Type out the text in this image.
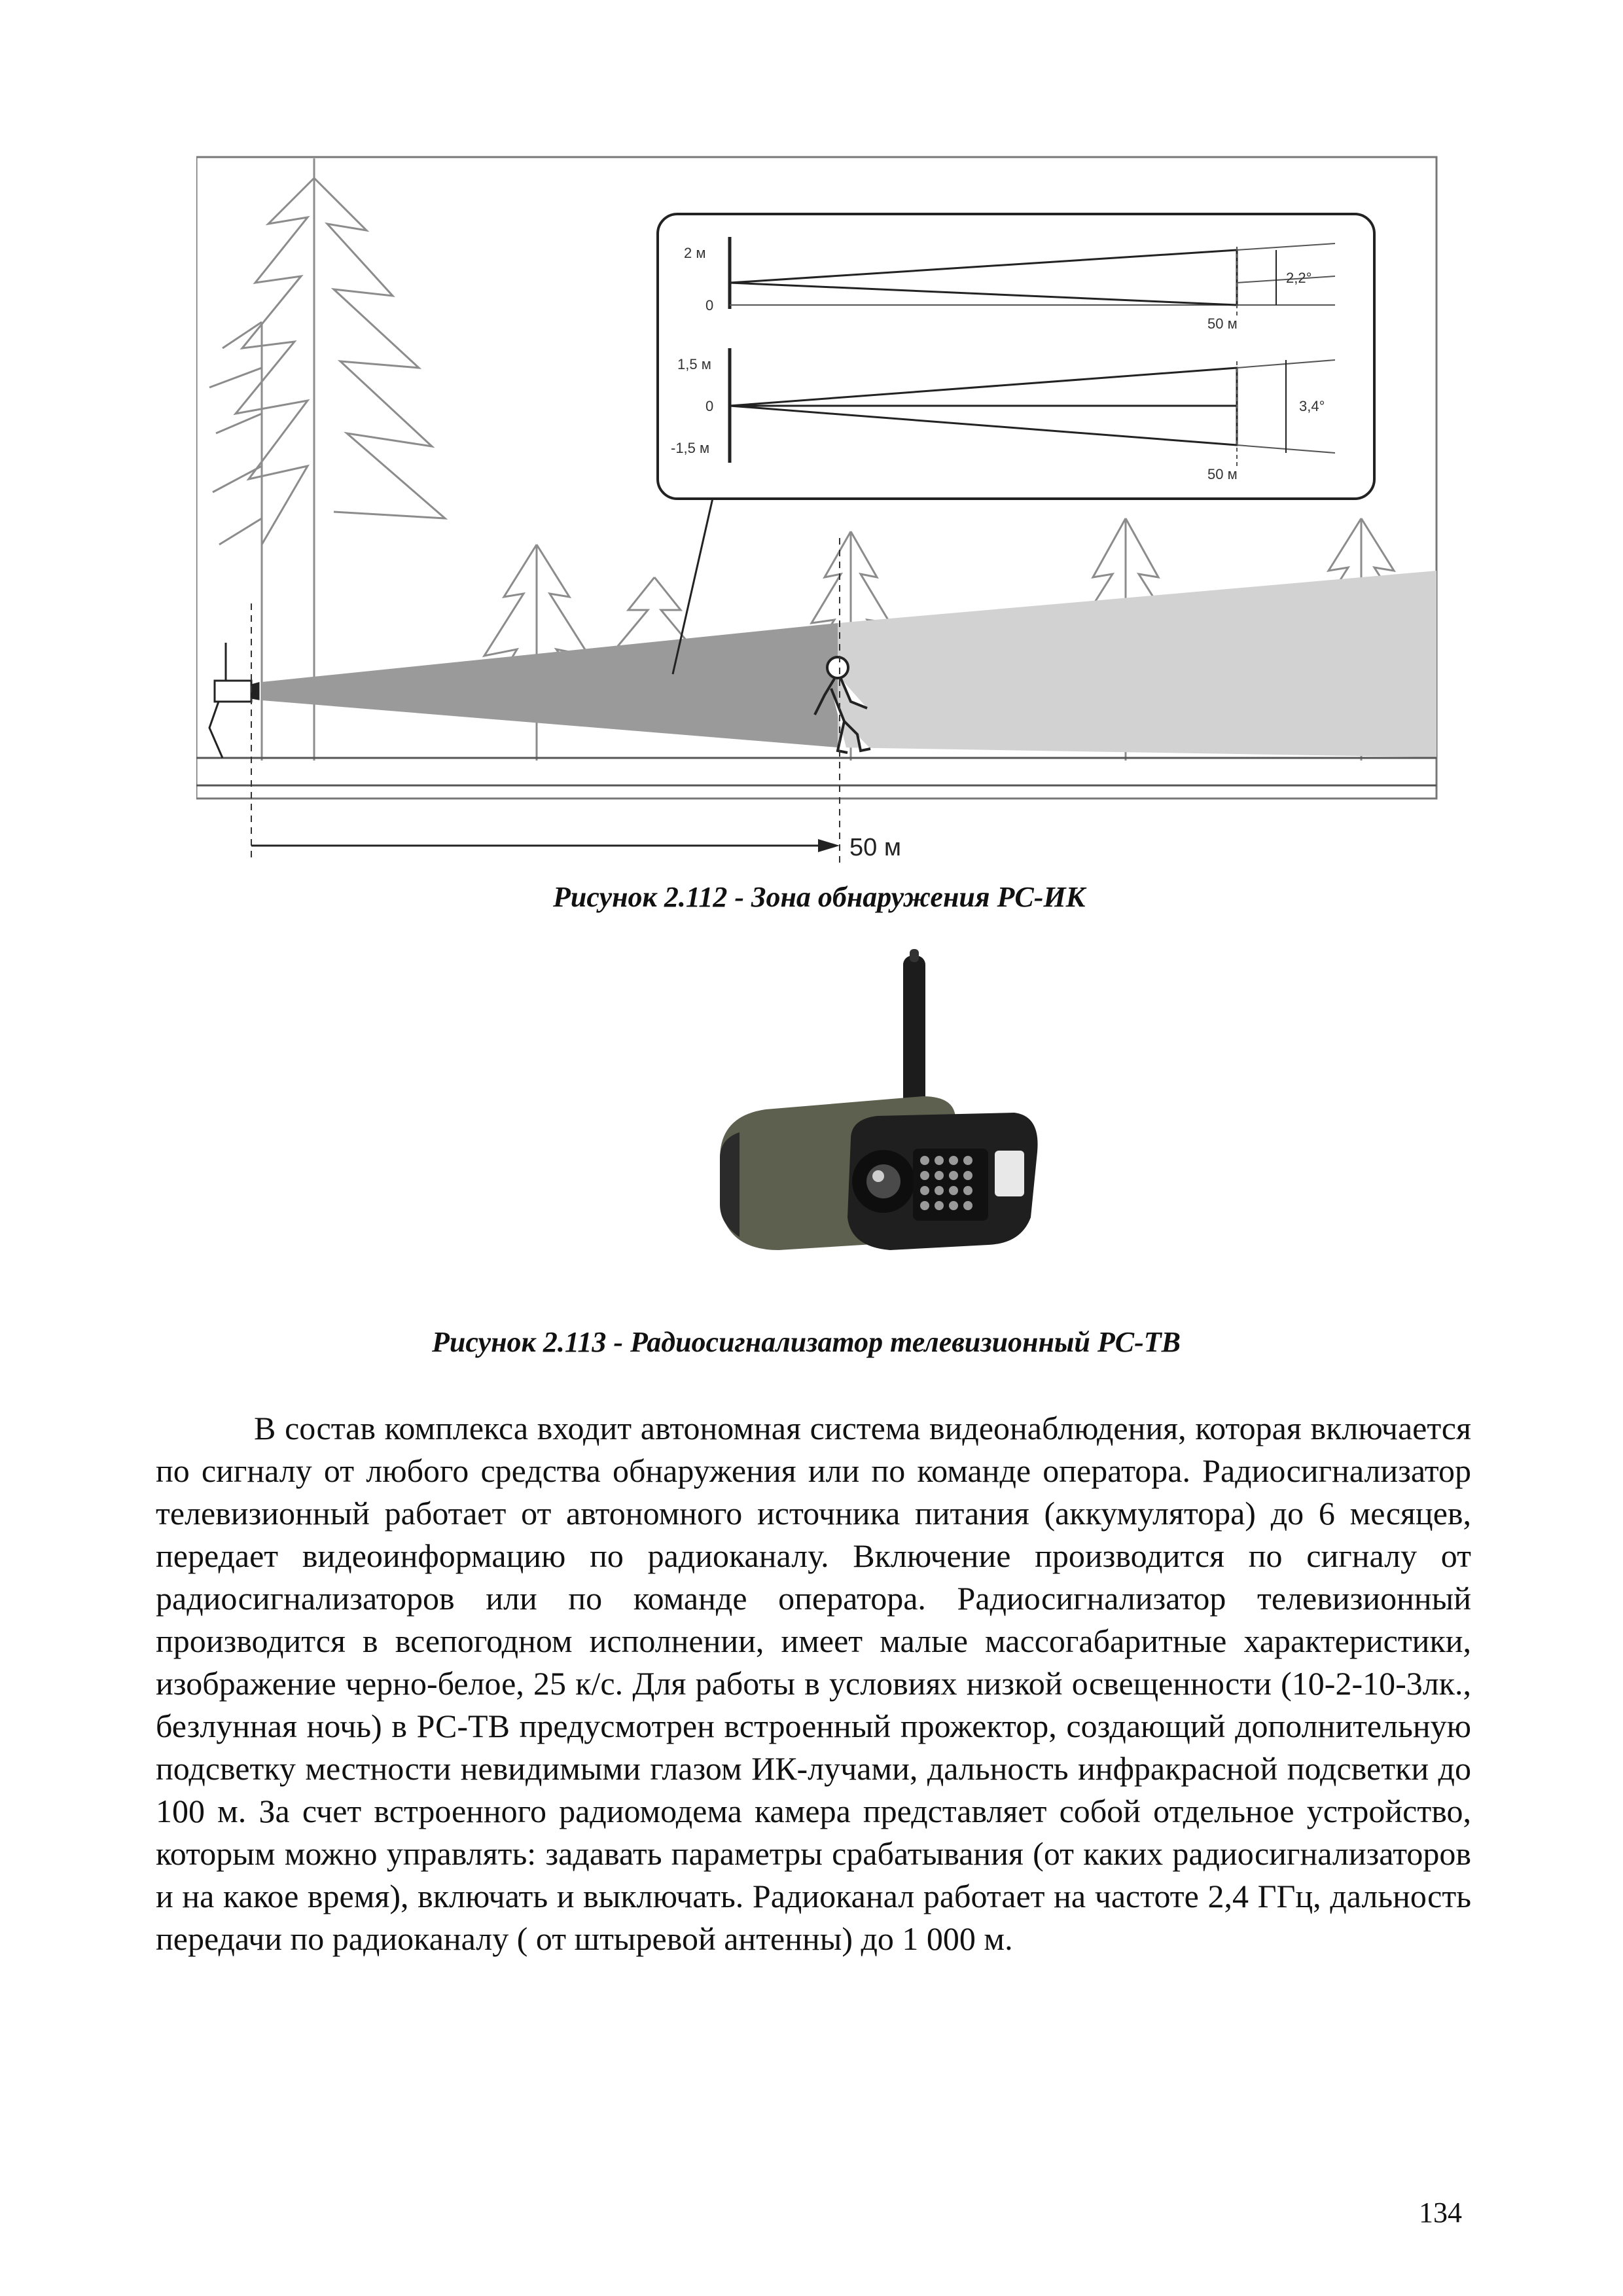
50 м
2 м
0
50 м
2,2°
1,5 м
0
-1,5 м
50 м
3,4°
Рисунок 2.112 - Зона обнаружения РС-ИК
Рисунок 2.113 - Радиосигнализатор телевизионный РС-ТВ

В состав комплекса входит автономная система видеонаблюдения, которая включается по сигналу от любого средства обнаружения или по команде оператора. Радиосигнализатор телевизионный работает от автономного источника питания (аккумулятора) до 6 месяцев, передает видеоинформацию по радиоканалу. Включение производится по сигналу от радиосигнализаторов или по команде оператора. Радиосигнализатор телевизионный производится в всепогодном исполнении, имеет малые массогабаритные характеристики, изображение черно-белое, 25 к/с. Для работы в условиях низкой освещенности (10-2-10-3лк., безлунная ночь) в РС-ТВ предусмотрен встроенный прожектор, создающий дополнительную подсветку местности невидимыми глазом ИК-лучами, дальность инфракрасной подсветки до 100 м. За счет встроенного радиомодема камера представляет собой отдельное устройство, которым можно управлять: задавать параметры срабатывания (от каких радиосигнализаторов и на какое время), включать и выключать. Радиоканал работает на частоте 2,4 ГГц, дальность передачи по радиоканалу ( от штыревой антенны) до 1 000 м.

134
